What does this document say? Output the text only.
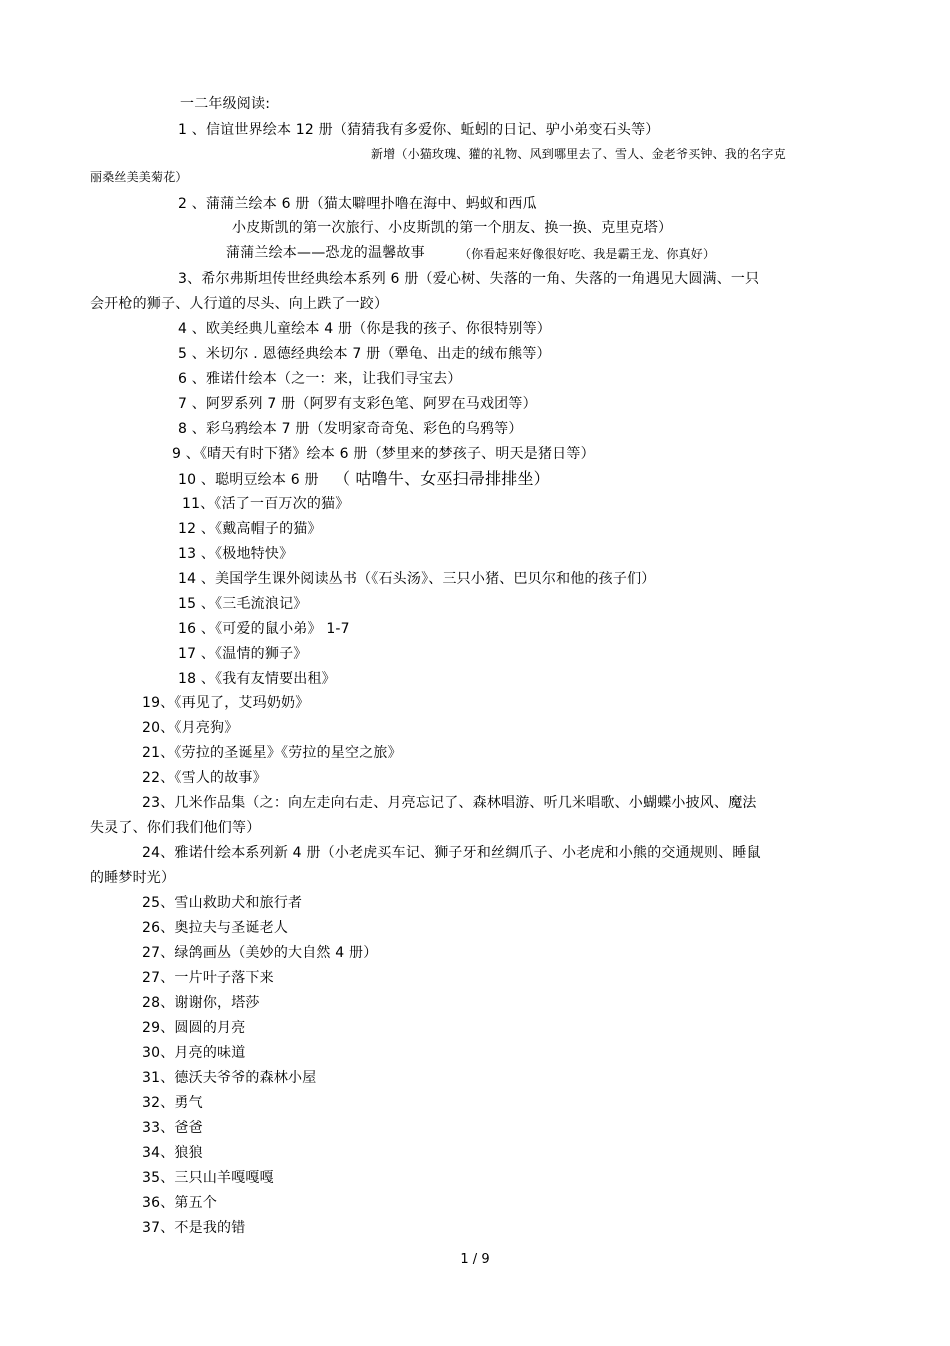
一二年级阅读:
1 、信谊世界绘本 12 册（猜猜我有多爱你、蚯蚓的日记、驴小弟变石头等）
新增（小猫玫瑰、獾的礼物、风到哪里去了、雪人、金老爷买钟、我的名字克
丽桑丝美美菊花）
2 、蒲蒲兰绘本 6 册（猫太噼哩扑噜在海中、蚂蚁和西瓜
小皮斯凯的第一次旅行、小皮斯凯的第一个朋友、换一换、克里克塔）
蒲蒲兰绘本——恐龙的温馨故事	（你看起来好像很好吃、我是霸王龙、你真好）
3、希尔弗斯坦传世经典绘本系列 6 册（爱心树、失落的一角、失落的一角遇见大圆满、一只
会开枪的狮子、人行道的尽头、向上跌了一跤）
4 、欧美经典儿童绘本 4 册（你是我的孩子、你很特别等）
5 、米切尔 . 恩德经典绘本 7 册（犟龟、出走的绒布熊等）
6 、雅诺什绘本（之一：来，让我们寻宝去）
7 、阿罗系列 7 册（阿罗有支彩色笔、阿罗在马戏团等）
8 、彩乌鸦绘本 7 册（发明家奇奇兔、彩色的乌鸦等）
9 、《晴天有时下猪》绘本 6 册（梦里来的梦孩子、明天是猪日等）
10 、聪明豆绘本 6 册 （ 咕噜牛、女巫扫帚排排坐）
11、《活了一百万次的猫》
12 、《戴高帽子的猫》
13 、《极地特快》
14 、美国学生课外阅读丛书（《石头汤》、三只小猪、巴贝尔和他的孩子们）
15 、《三毛流浪记》
16 、《可爱的鼠小弟》 1-7
17 、《温情的狮子》
18 、《我有友情要出租》
19、《再见了，艾玛奶奶》
20、《月亮狗》
21、《劳拉的圣诞星》《劳拉的星空之旅》
22、《雪人的故事》
23、几米作品集（之：向左走向右走、月亮忘记了、森林唱游、听几米唱歌、小蝴蝶小披风、魔法
失灵了、你们我们他们等）
24、雅诺什绘本系列新 4 册（小老虎买车记、狮子牙和丝绸爪子、小老虎和小熊的交通规则、睡鼠
的睡梦时光）
25、雪山救助犬和旅行者
26、奥拉夫与圣诞老人
27、绿鸽画丛（美妙的大自然 4 册）
27、一片叶子落下来
28、谢谢你，塔莎
29、圆圆的月亮
30、月亮的味道
31、德沃夫爷爷的森林小屋
32、勇气
33、爸爸
34、狼狼
35、三只山羊嘎嘎嘎
36、第五个
37、不是我的错
1 / 9
